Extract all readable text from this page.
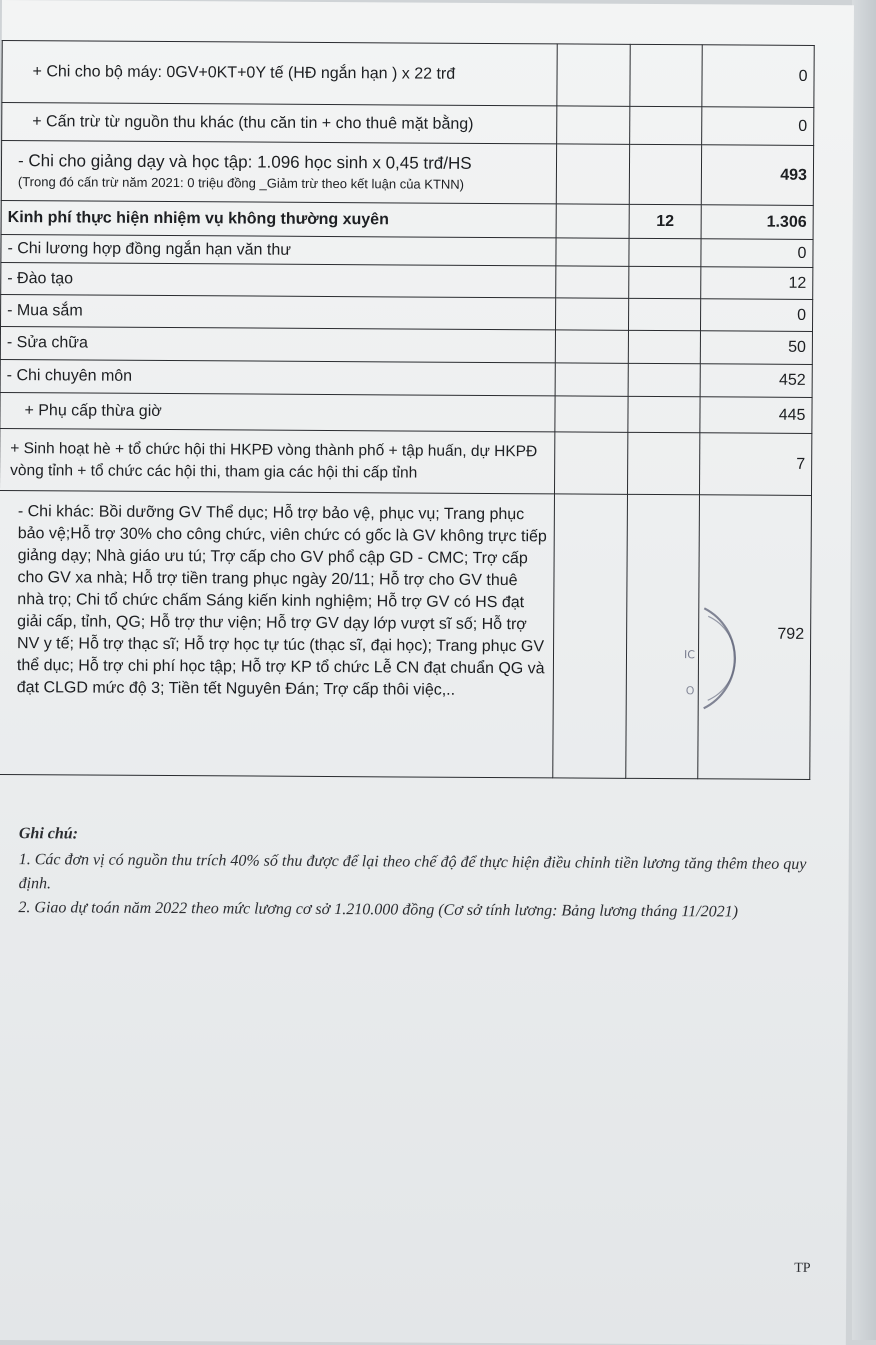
+ Chi cho bộ máy: 0GV+0KT+0Y tế (HĐ ngắn hạn ) x 22 trđ			0
+ Cấn trừ từ nguồn thu khác (thu căn tin + cho thuê mặt bằng)			0
- Chi cho giảng dạy và học tập: 1.096 học sinh x 0,45 trđ/HS
(Trong đó cấn trừ năm 2021: 0 triệu đồng _Giảm trừ theo kết luận của KTNN)			493
Kinh phí thực hiện nhiệm vụ không thường xuyên		12	1.306
- Chi lương hợp đồng ngắn hạn văn thư			0
- Đào tạo			12
- Mua sắm			0
- Sửa chữa			50
- Chi chuyên môn			452
+ Phụ cấp thừa giờ			445
+ Sinh hoạt hè + tổ chức hội thi HKPĐ vòng thành phố + tập huấn, dự HKPĐ vòng tỉnh + tổ chức các hội thi, tham gia các hội thi cấp tỉnh			7
- Chi khác: Bồi dưỡng GV Thể dục; Hỗ trợ bảo vệ, phục vụ; Trang phục bảo vệ;Hỗ trợ 30% cho công chức, viên chức có gốc là GV không trực tiếp giảng dạy; Nhà giáo ưu tú; Trợ cấp cho GV phổ cập GD - CMC; Trợ cấp cho GV xa nhà; Hỗ trợ tiền trang phục ngày 20/11; Hỗ trợ cho GV thuê nhà trọ; Chi tổ chức chấm Sáng kiến kinh nghiệm; Hỗ trợ GV có HS đạt giải cấp, tỉnh, QG; Hỗ trợ thư viện; Hỗ trợ GV dạy lớp vượt sĩ số; Hỗ trợ NV y tế; Hỗ trợ thạc sĩ; Hỗ trợ học tự túc (thạc sĩ, đại học); Trang phục GV thể dục; Hỗ trợ chi phí học tập; Hỗ trợ KP tổ chức Lễ CN đạt chuẩn QG và đạt CLGD mức độ 3; Tiền tết Nguyên Đán; Trợ cấp thôi việc,..			792
IC
O
Ghi chú:

1. Các đơn vị có nguồn thu trích 40% số thu được để lại theo chế độ để thực hiện điều chỉnh tiền lương tăng thêm theo quy định.

2. Giao dự toán năm 2022 theo mức lương cơ sở 1.210.000 đồng (Cơ sở tính lương: Bảng lương tháng 11/2021)

TP
